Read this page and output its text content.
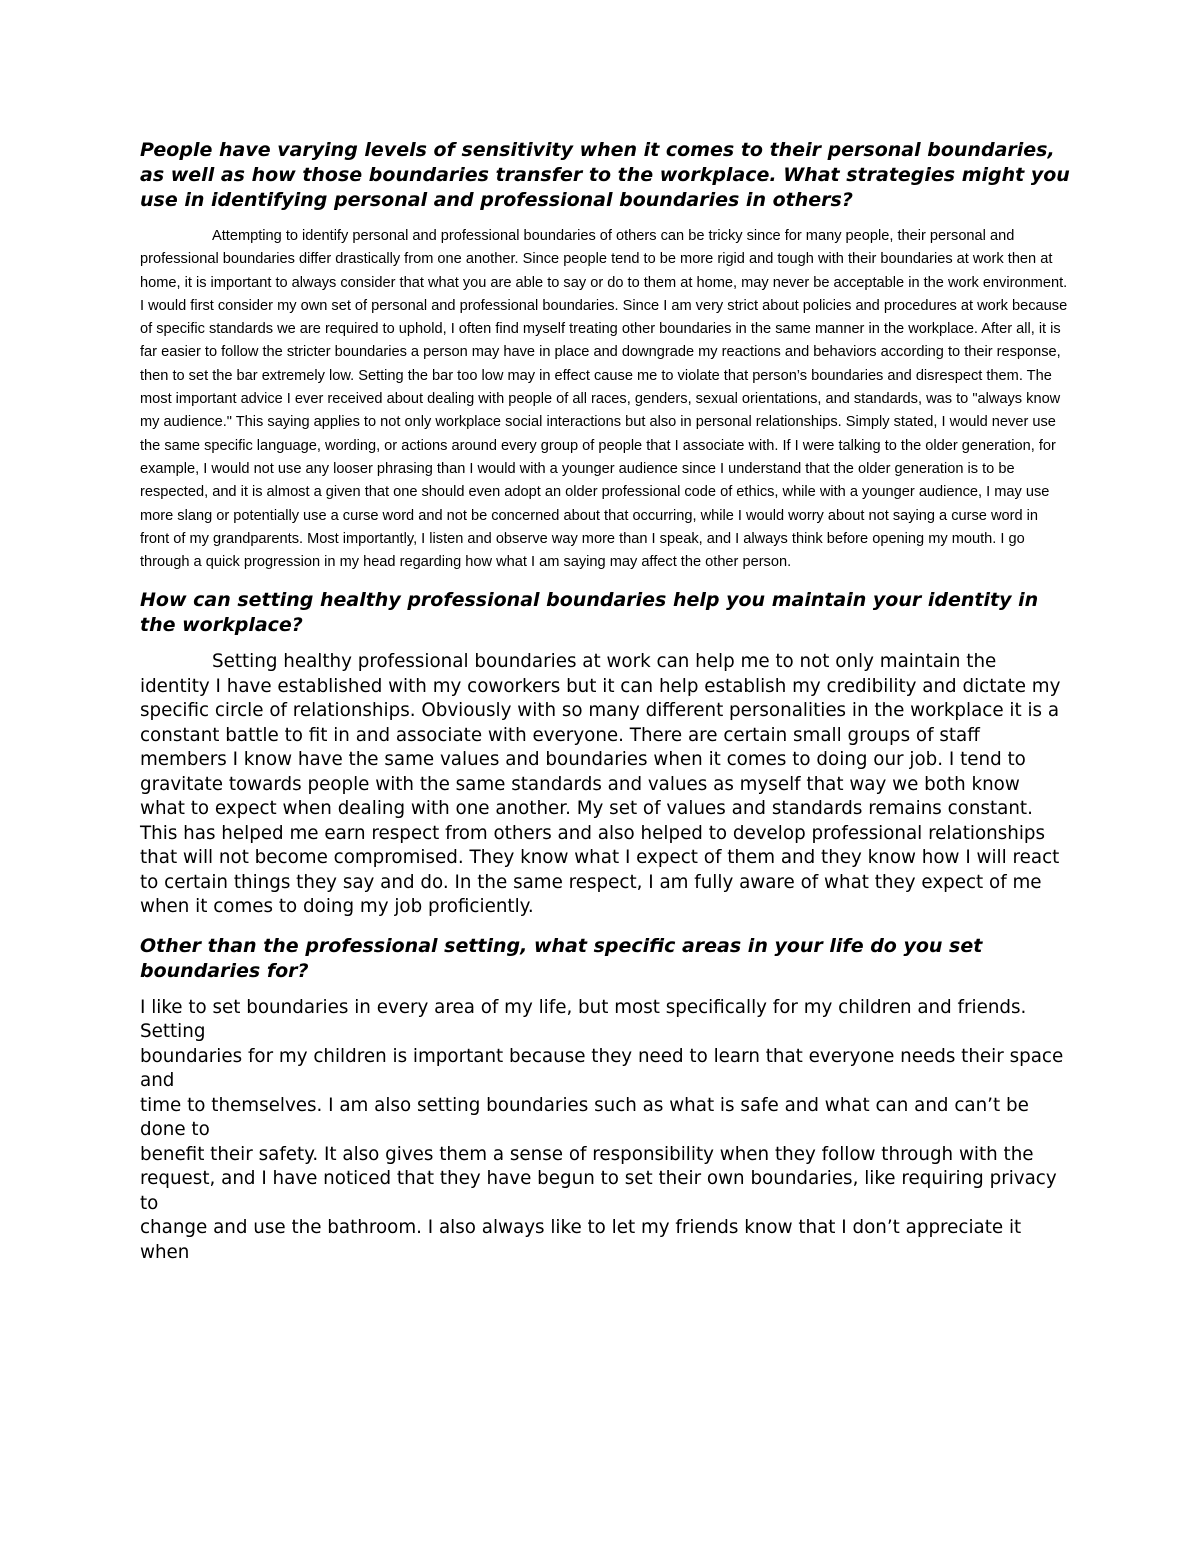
People have varying levels of sensitivity when it comes to their personal boundaries, as well as how those boundaries transfer to the workplace. What strategies might you use in identifying personal and professional boundaries in others?

Attempting to identify personal and professional boundaries of others can be tricky since for many people, their personal and professional boundaries differ drastically from one another. Since people tend to be more rigid and tough with their boundaries at work then at home, it is important to always consider that what you are able to say or do to them at home, may never be acceptable in the work environment. I would first consider my own set of personal and professional boundaries. Since I am very strict about policies and procedures at work because of specific standards we are required to uphold, I often find myself treating other boundaries in the same manner in the workplace. After all, it is far easier to follow the stricter boundaries a person may have in place and downgrade my reactions and behaviors according to their response, then to set the bar extremely low. Setting the bar too low may in effect cause me to violate that person’s boundaries and disrespect them. The most important advice I ever received about dealing with people of all races, genders, sexual orientations, and standards, was to "always know my audience." This saying applies to not only workplace social interactions but also in personal relationships. Simply stated, I would never use the same specific language, wording, or actions around every group of people that I associate with. If I were talking to the older generation, for example, I would not use any looser phrasing than I would with a younger audience since I understand that the older generation is to be respected, and it is almost a given that one should even adopt an older professional code of ethics, while with a younger audience, I may use more slang or potentially use a curse word and not be concerned about that occurring, while I would worry about not saying a curse word in front of my grandparents. Most importantly, I listen and observe way more than I speak, and I always think before opening my mouth. I go through a quick progression in my head regarding how what I am saying may affect the other person.

How can setting healthy professional boundaries help you maintain your identity in the workplace?

Setting healthy professional boundaries at work can help me to not only maintain the identity I have established with my coworkers but it can help establish my credibility and dictate my specific circle of relationships. Obviously with so many different personalities in the workplace it is a constant battle to fit in and associate with everyone. There are certain small groups of staff members I know have the same values and boundaries when it comes to doing our job. I tend to gravitate towards people with the same standards and values as myself that way we both know what to expect when dealing with one another. My set of values and standards remains constant. This has helped me earn respect from others and also helped to develop professional relationships that will not become compromised. They know what I expect of them and they know how I will react to certain things they say and do. In the same respect, I am fully aware of what they expect of me when it comes to doing my job proficiently.

Other than the professional setting, what specific areas in your life do you set boundaries for?

I like to set boundaries in every area of my life, but most specifically for my children and friends. Setting
boundaries for my children is important because they need to learn that everyone needs their space and
time to themselves. I am also setting boundaries such as what is safe and what can and can’t be done to
benefit their safety. It also gives them a sense of responsibility when they follow through with the
request, and I have noticed that they have begun to set their own boundaries, like requiring privacy to
change and use the bathroom. I also always like to let my friends know that I don’t appreciate it when
